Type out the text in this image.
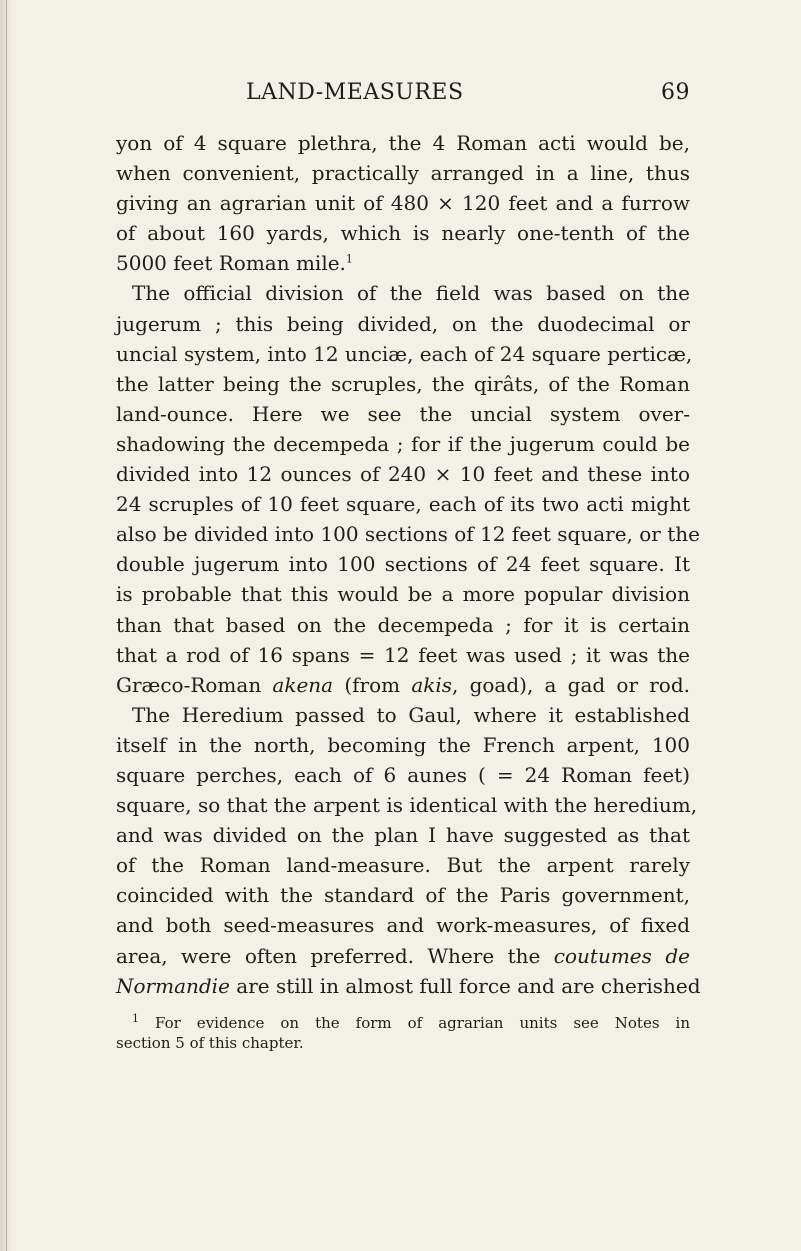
LAND-MEASURES	69
yon of 4 square plethra, the 4 Roman acti would be,
when convenient, practically arranged in a line, thus
giving an agrarian unit of 480 × 120 feet and a furrow
of about 160 yards, which is nearly one-tenth of the
5000 feet Roman mile.$^1$
The official division of the field was based on the
jugerum ; this being divided, on the duodecimal or
uncial system, into 12 unciæ, each of 24 square perticæ,
the latter being the scruples, the qirâts, of the Roman
land-ounce. Here we see the uncial system over-
shadowing the decempeda ; for if the jugerum could be
divided into 12 ounces of 240 × 10 feet and these into
24 scruples of 10 feet square, each of its two acti might
also be divided into 100 sections of 12 feet square, or the
double jugerum into 100 sections of 24 feet square. It
is probable that this would be a more popular division
than that based on the decempeda ; for it is certain
that a rod of 16 spans = 12 feet was used ; it was the
Græco-Roman akena (from akis, goad), a gad or rod.
The Heredium passed to Gaul, where it established
itself in the north, becoming the French arpent, 100
square perches, each of 6 aunes ( = 24 Roman feet)
square, so that the arpent is identical with the heredium,
and was divided on the plan I have suggested as that
of the Roman land-measure. But the arpent rarely
coincided with the standard of the Paris government,
and both seed-measures and work-measures, of fixed
area, were often preferred. Where the coutumes de
Normandie are still in almost full force and are cherished
$^1$ For evidence on the form of agrarian units see Notes in
section 5 of this chapter.
